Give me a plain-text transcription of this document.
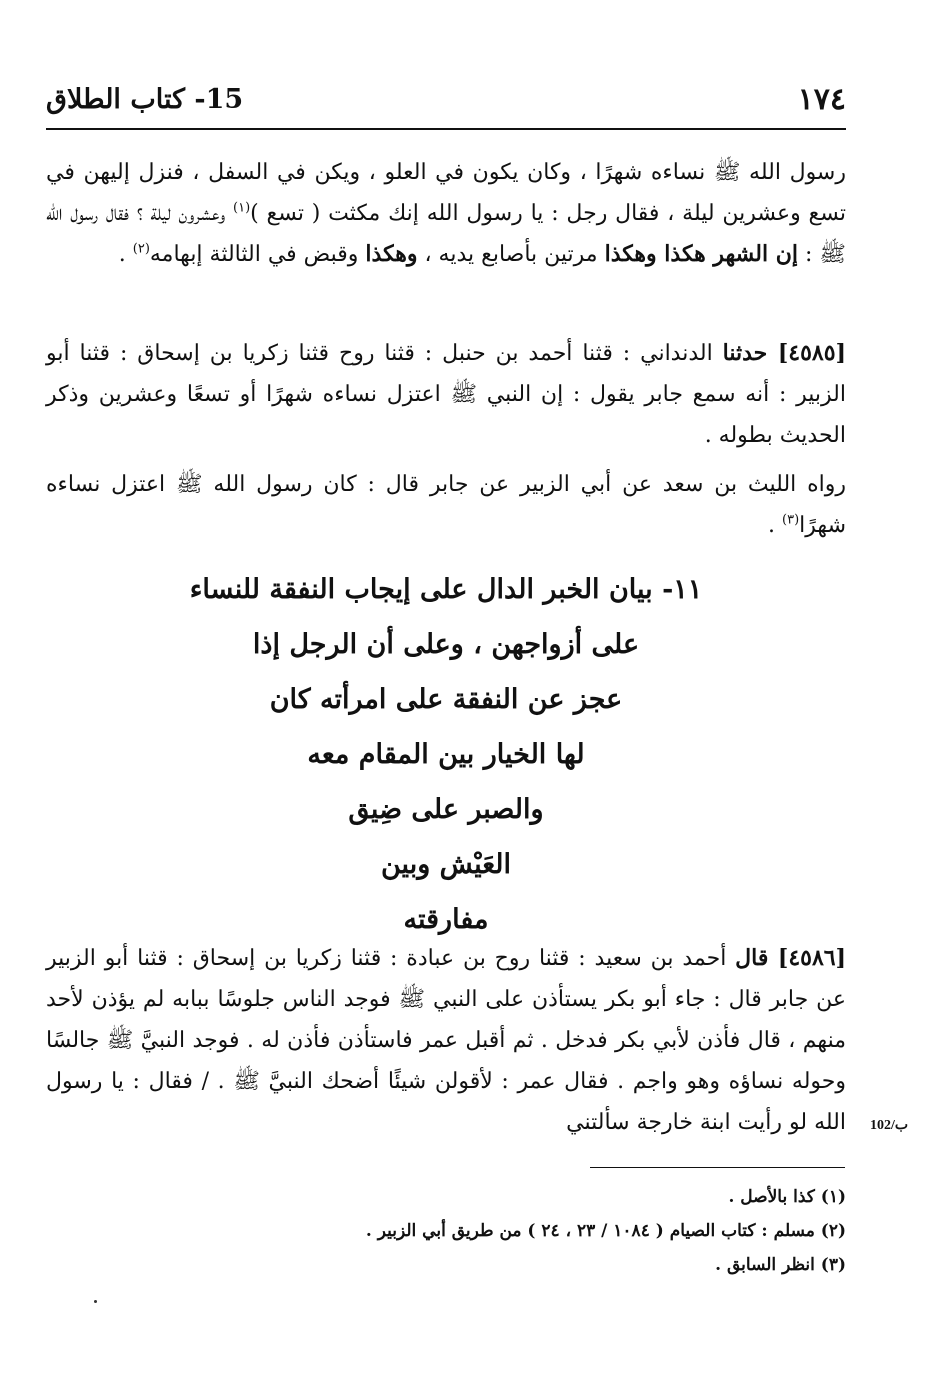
١٧٤
15- كتاب الطلاق

رسول الله ﷺ نساءه شهرًا ، وكان يكون في العلو ، ويكن في السفل ، فنزل إليهن في تسع وعشرين ليلة ، فقال رجل : يا رسول الله إنك مكثت ( تسع )$^{(١)}$ وعشرون ليلة ؟ فقال رسول الله ﷺ : إن الشهر هكذا وهكذا مرتين بأصابع يديه ، وهكذا وقبض في الثالثة إبهامه$^{(٢)}$ .

[٤٥٨٥] حدثنا الدنداني : قثنا أحمد بن حنبل : قثنا روح قثنا زكريا بن إسحاق : قثنا أبو الزبير : أنه سمع جابر يقول : إن النبي ﷺ اعتزل نساءه شهرًا أو تسعًا وعشرين وذكر الحديث بطوله .

رواه الليث بن سعد عن أبي الزبير عن جابر قال : كان رسول الله ﷺ اعتزل نساءه شهرًا$^{(٣)}$ .

١١- بيان الخبر الدال على إيجاب النفقة للنساء
على أزواجهن ، وعلى أن الرجل إذا
عجز عن النفقة على امرأته كان
لها الخيار بين المقام معه
والصبر على ضِيق
العَيْش وبين
مفارقته

[٤٥٨٦] قال أحمد بن سعيد : قثنا روح بن عبادة : قثنا زكريا بن إسحاق : قثنا أبو الزبير عن جابر قال : جاء أبو بكر يستأذن على النبي ﷺ فوجد الناس جلوسًا ببابه لم يؤذن لأحد منهم ، قال فأذن لأبي بكر فدخل . ثم أقبل عمر فاستأذن فأذن له . فوجد النبيَّ ﷺ جالسًا وحوله نساؤه وهو واجم . فقال عمر : لأقولن شيئًا أضحك النبيَّ ﷺ . / فقال : يا رسول الله لو رأيت ابنة خارجة سألتني 102/ب
(١) كذا بالأصل .
(٢) مسلم : كتاب الصيام ( ١٠٨٤ / ٢٣ ، ٢٤ ) من طريق أبي الزبير .
(٣) انظر السابق .
